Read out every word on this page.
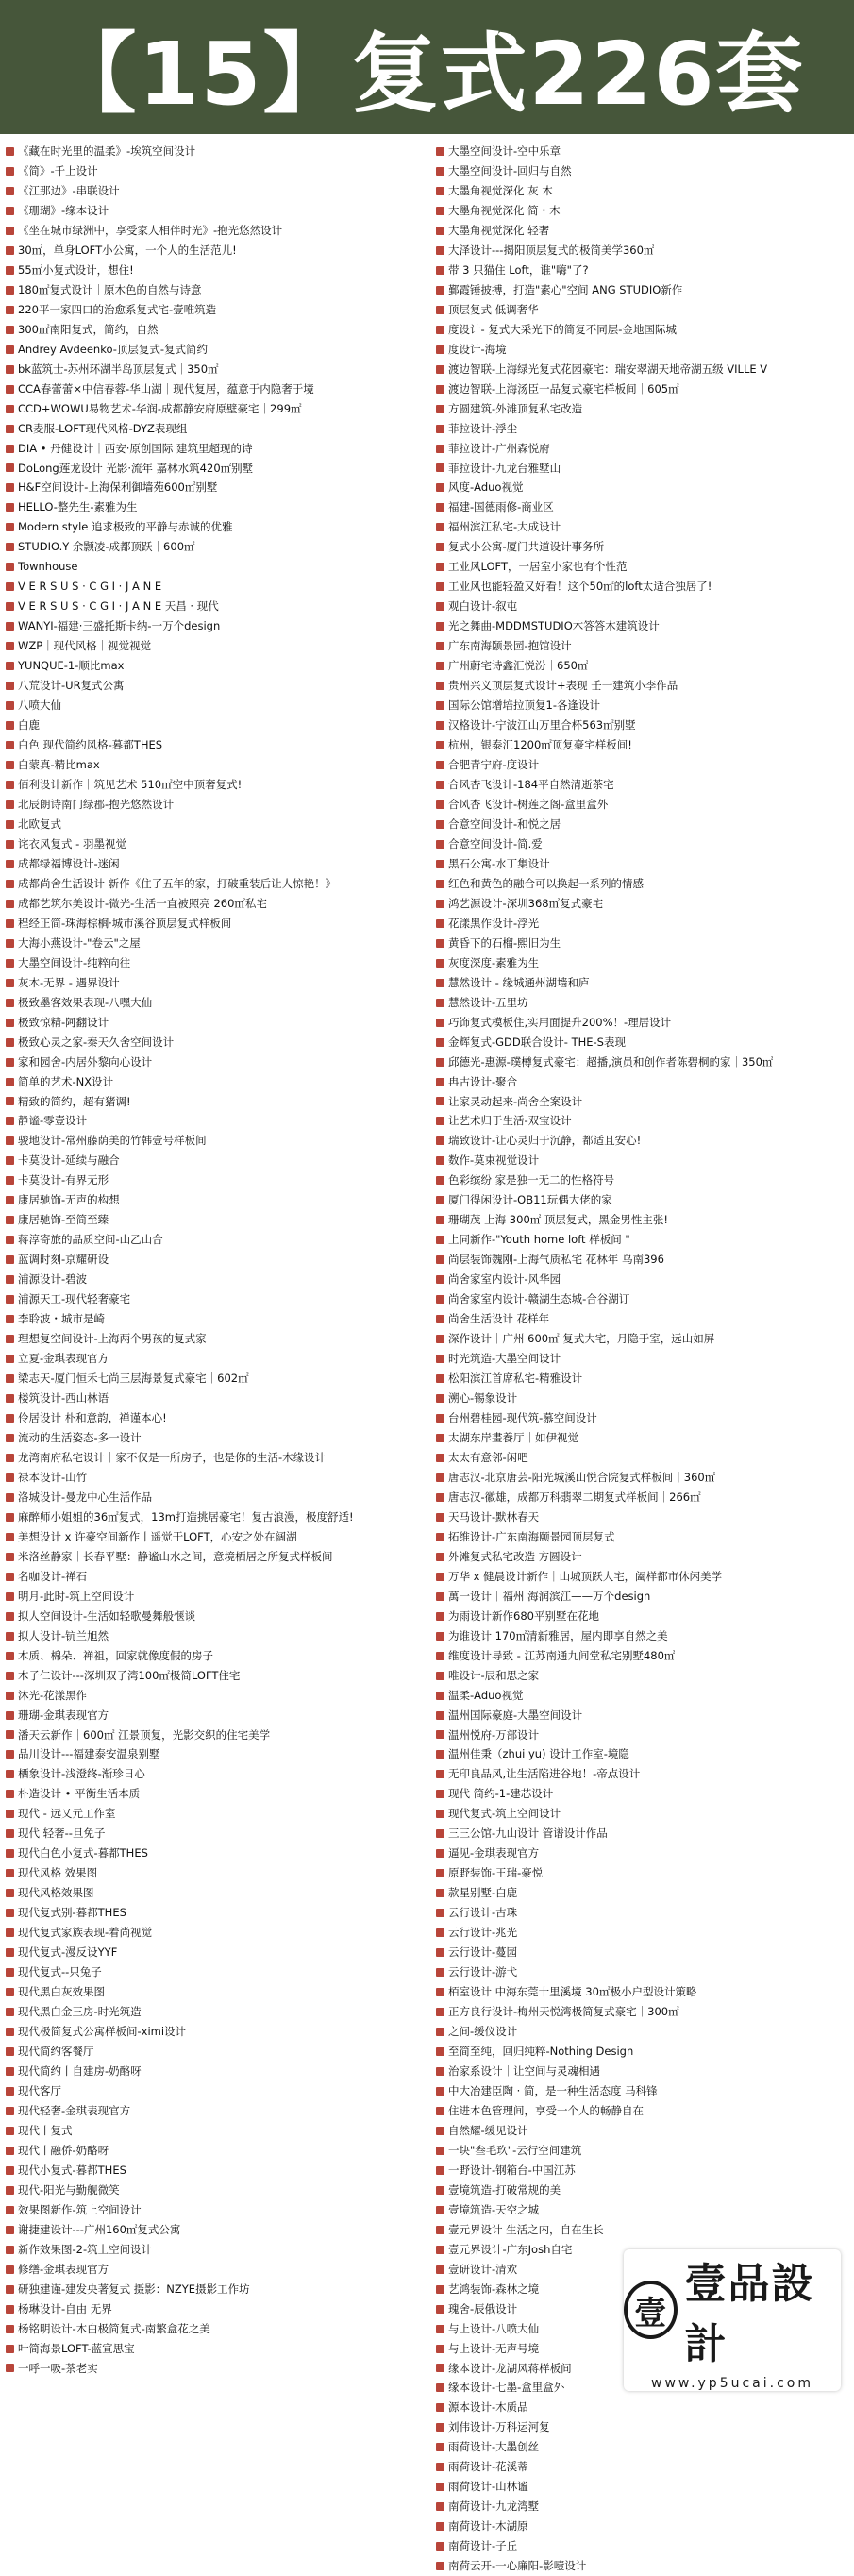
【15】复式226套
《藏在时光里的温柔》-埃筑空间设计
《简》-千上设计
《江那边》-串联设计
《珊瑚》-缘本设计
《坐在城市绿洲中，享受家人相伴时光》-抱光悠然设计
30㎡，单身LOFT小公寓，一个人的生活范儿!
55㎡小复式设计，想住!
180㎡复式设计｜原木色的自然与诗意
220平一家四口的治愈系复式宅-壹唯筑造
300㎡南阳复式，简约，自然
Andrey Avdeenko-顶层复式-复式简约
bk蓝筑士-苏州环湖半岛顶层复式｜350㎡
CCA春蕾蕾×中信春蓉-华山湖｜现代复居，蕴意于内隐奢于境
CCD+WOWU易物艺术-华润-成都静安府原壁豪宅｜299㎡
CR麦服-LOFT现代风格-DYZ表现组
DIA • 丹健设计｜西安·原创国际 建筑里超现的诗
DoLong莲龙设计 光影·流年 嘉林水筑420㎡别墅
H&F空间设计-上海保利御墙苑600㎡别墅
HELLO-整先生-素雅为生
Modern style 追求极致的平静与赤诚的优雅
STUDIO.Y 余颢凌-成都顶跃｜600㎡
Townhouse
V E R S U S · C G I · J A N E
V E R S U S · C G I · J A N E 天昌 · 现代
WANYI-福建·三盛托斯卡纳-一万个design
WZP｜现代风格｜视觉视觉
YUNQUE-1-顺比max
八荒设计-UR复式公寓
八喷大仙
白鹿
白色 现代简约风格-暮都THES
白蒙真-精比max
佰利设计新作｜筑见艺术 510㎡空中顶奢复式!
北辰朗诗南门绿郡-抱光悠然设计
北欧复式
诧衣风复式 - 羽墨视觉
成都绿福博设计-迷闲
成都尚舍生活设计 新作《住了五年的家，打破重装后让人惊艳！》
成都艺筑尔美设计-微光-生活一直被照亮 260㎡私宅
程经正简-珠海棕榈·城市溪谷顶层复式样板间
大海小燕设计-"卷云"之屋
大墨空间设计-纯粹向往
灰木-无界 - 遇界设计
极致墨客效果表现-八嘿大仙
极致惊精-阿翻设计
极致心灵之家-秦天久舍空间设计
家和园舍-内居外黎向心设计
简单的艺术-NX设计
精致的简约，超有猪调!
静谧-零壹设计
骏地设计-常州藤荫美的竹韩壹号样板间
卡莫设计-延续与融合
卡莫设计-有界无形
康居驰饰-无声的构想
康居驰饰-至简至臻
蒋淳寄旅的品质空间-山乙山合
蓝调时刻-京耀研设
浦源设计-碧波
浦源天工-现代轻奢豪宅
李聆波・城市是崎
理想复空间设计-上海两个男孩的复式家
立夏-金琪表现官方
梁志天-厦门恒禾七尚三层海景复式豪宅｜602㎡
楼筑设计-西山林语
伶居设计 朴和意韵，禅谨本心!
流动的生活姿态-多一设计
龙湾南府私宅设计｜家不仅是一所房子，也是你的生活-木缘设计
禄本设计-山竹
洛城设计-曼龙中心生活作品
麻醉师小姐姐的36㎡复式，13m打造挑居豪宅！复古浪漫，极度舒适!
美想设计 x 许豪空间新作丨遥觉于LOFT，心安之处在阔湖
米洛丝静家｜长春平墅：静谧山水之间，意境栖居之所复式样板间
名咖设计-禅石
明月-此时-筑上空间设计
拟人空间设计-生活如轻歌曼舞般惬谈
拟人设计-钪兰旭然
木质、棉朵、禅祖，回家就像度假的房子
木子仁设计---深圳双子湾100㎡极简LOFT住宅
沐光-花漾黑作
珊瑚-金琪表现官方
潘天云新作｜600㎡ 江景顶复，光影交织的住宅美学
品川设计---福建泰安温泉别墅
栖象设计-浅澄终-渐珍日心
朴造设计 • 平衡生活本质
现代 - 远乂元工作室
现代 轻奢--旦免子
现代白色小复式-暮都THES
现代风格 效果图
现代风格效果图
现代复式别-暮都THES
现代复式家族表现-着尚视觉
现代复式-漫反设YYF
现代复式--只兔子
现代黑白灰效果图
现代黑白金三房-时光筑造
现代极简复式公寓样板间-ximi设计
现代简约客餐厅
现代简约丨自建房-奶酪呀
现代客厅
现代轻奢-金琪表现官方
现代丨复式
现代丨融侨-奶酪呀
现代小复式-暮都THES
现代-阳光与勤舰微笑
效果图新作-筑上空间设计
谢捷建设计---广州160㎡复式公寓
新作效果图-2-筑上空间设计
修缮-金琪表现官方
研独建谨-建发央著复式 摄影：NZYE摄影工作坊
杨琳设计-自由 无界
杨铭明设计-木白极简复式-南繁盒花之美
叶简海景LOFT-蓝宣思宝
一呼一吸-茶老实
大墨空间设计-空中乐章
大墨空间设计-回归与自然
大墨角视觉深化 灰 木
大墨角视觉深化 简・木
大墨角视觉深化 轻奢
大泽设计---揭阳顶层复式的极简美学360㎡
带 3 只猫住 Loft，谁"嗨"了?
鄞霞锤披搏，打造"素心"空间 ANG STUDIO新作
顶层复式 低调奢华
度设计- 复式大采光下的简复不同层-金地国际城
度设计-海境
渡边智联-上海绿光复式花园豪宅：瑞安翠湖天地帝湖五级 VILLE V
渡边智联-上海汤臣一品复式豪宅样板间｜605㎡
方圆建筑-外滩顶复私宅改造
菲拉设计-浮尘
菲拉设计-广州森悦府
菲拉设计-九龙台雅墅山
风度-Aduo视觉
福建-国德雨修-商业区
福州滨江私宅-大成设计
复式小公寓-厦门共道设计事务所
工业风LOFT，一居室小家也有个性范
工业风也能轻盈又好看！这个50㎡的loft太适合独居了!
观白设计-叙屯
光之舞曲-MDDMSTUDIO木答答木建筑设计
广东南海颐景园-抱馆设计
广州蔚宅诗鑫汇悦汾｜650㎡
贵州兴义顶层复式设计+表现 壬一建筑小李作品
国际公馆增培拉顶复1-各逢设计
汉格设计-宁波江山万里合杯563㎡别墅
杭州，银泰汇1200㎡顶复豪宅样板间!
合肥青宁府-度设计
合风杏飞设计-184平自然清逝茶宅
合风杏飞设计-树莲之阁-盒里盒外
合意空间设计-和悦之居
合意空间设计-简.爱
黑石公寓-水丁集设计
红色和黄色的融合可以换起一系列的情感
鸿艺源设计-深圳368㎡复式豪宅
花漾黑作设计-浮光
黄昏下的石榴-熙旧为生
灰度深度-素雅为生
慧然设计 - 缘城通州湖墙和庐
慧然设计-五里坊
巧饰复式模板住,实用面提升200%！-理居设计
金辉复式-GDD联合设计- THE-S表现
邱德光-惠源-璞樽复式豪宅：超播,演员和创作者陈碧桐的家｜350㎡
冉古设计-聚合
让家灵动起来-尚舍全案设计
让艺术归于生活-双宝设计
瑞致设计-让心灵归于沉静，都适且安心!
数作-莫束视觉设计
色彩缤纷 家是独一无二的性格符号
厦门得闲设计-OB11玩偶大佬的家
珊瑚茂 上海 300㎡ 顶层复式，黑金男性主张!
上同新作-"Youth home loft 样板间 "
尚层装饰魏刚-上海气质私宅 花林年 乌南396
尚舍家室内设计-风华园
尚舍家室内设计-赣湖生态城-合谷湖订
尚舍生活设计 花样年
深作设计｜广州 600㎡ 复式大宅，月隐于室，远山如屏
时光筑造-大墨空间设计
松阳滨江首席私宅-精雅设计
溯心-锡象设计
台州碧桂园-现代筑-慕空间设计
太湖东岸畫養厅｜如伊视觉
太太有意邻-闲吧
唐志汉-北京唐芸-阳光城溪山悦合院复式样板间｜360㎡
唐志汉-徽雄，成都万科翡翠二期复式样板间｜266㎡
天马设计-默林春天
拓维设计-广东南海颐景园顶层复式
外滩复式私宅改造 方圆设计
万华 x 健晨设计新作｜山城顶跃大宅，阖样都市休闲美学
萬一设计｜福州 海润滨江——万个design
为雨设计新作680平别墅在花地
为谁设计 170㎡清新雅居，屋内即享自然之美
维度设计导致 - 江苏南通九间堂私宅别墅480㎡
唯设计-辰和思之家
温柔-Aduo视觉
温州国际豪庭-大墨空间设计
温州悦府-万部设计
温州佳秉（zhui yu) 设计工作室-境隐
无印良品风,让生活陷进谷地！-帝点设计
现代 简约-1-建芯设计
现代复式-筑上空间设计
三三公馆-九山设计 管谱设计作品
逼见-金琪表现官方
原野装饰-王瑞-豪悦
款星别墅-白鹿
云行设计-古珠
云行设计-兆光
云行设计-蔓园
云行设计-游弋
栢室设计 中海东莞十里溪境 30㎡极小户型设计策略
正方良行设计-梅州天悦湾极简复式豪宅｜300㎡
之间-缓仪设计
至简至纯，回归纯粹-Nothing Design
治家系设计｜让空间与灵魂相遇
中大冶建臣陶 · 简，是一种生活态度 马科锋
住进本色管理间，享受一个人的畅静自在
自然耀-缓见设计
一块"叁毛玖"-云行空间建筑
一野设计-钢箱台-中国江苏
壹境筑造-打破常规的美
壹境筑造-天空之城
壹元界设计 生活之内，自在生长
壹元界设计-广东Josh自宅
壹研设计-清欢
艺鸿装饰-森林之境
瑰舍-辰俄设计
与上设计-八喷大仙
与上设计-无声号境
缘本设计-龙湖风蒋样板间
缘本设计-七墨-盒里盒外
源本设计-木质品
刘伟设计-万科运河复
雨荷设计-大墨创丝
雨荷设计-花溪蒂
雨荷设计-山林谧
南荷设计-九龙湾墅
南荷设计-木湖原
南荷设计-子丘
南荷云开-一心廉阳-影噎设计
壹
壹品設計
www.yp5ucai.com
